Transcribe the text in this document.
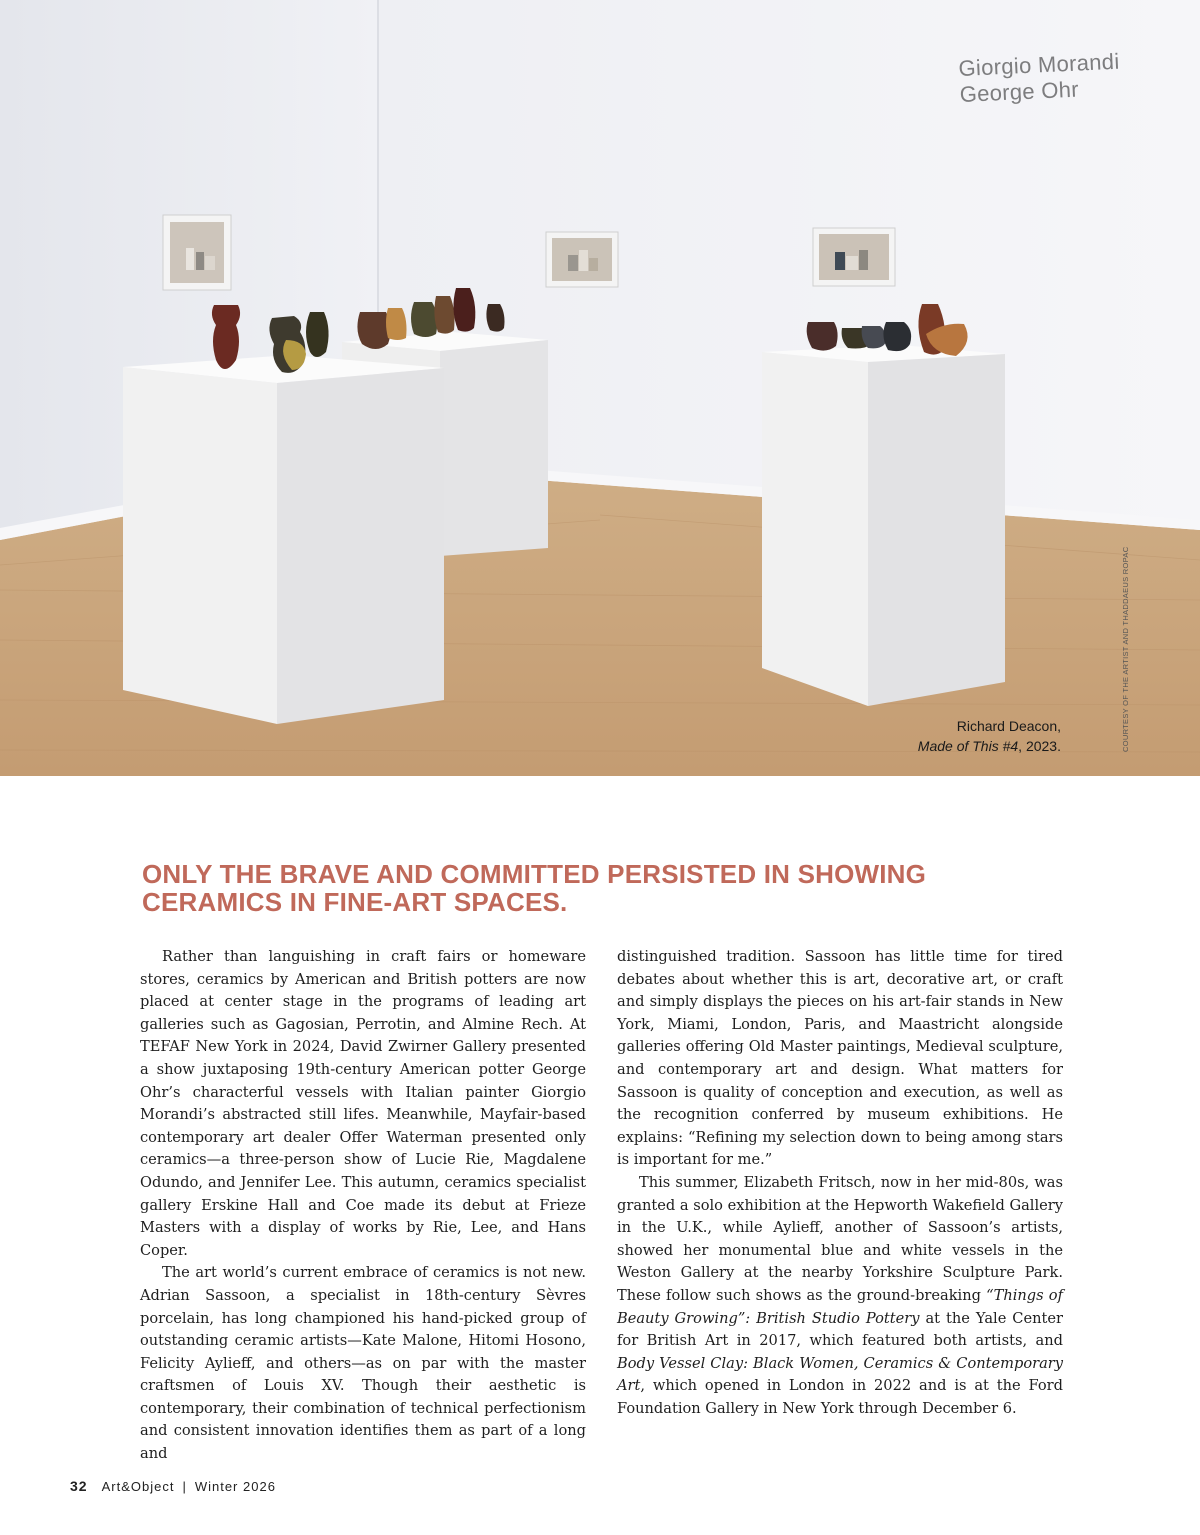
Giorgio Morandi
George Ohr
Richard Deacon,
Made of This #4, 2023.	COURTESY OF THE ARTIST AND THADDAEUS ROPAC
ONLY THE BRAVE AND COMMITTED PERSISTED IN SHOWING CERAMICS IN FINE-ART SPACES.

Rather than languishing in craft fairs or homeware stores, ceramics by American and British potters are now placed at center stage in the programs of leading art galleries such as Gagosian, Perrotin, and Almine Rech. At TEFAF New York in 2024, David Zwirner Gallery presented a show juxtaposing 19th-century American potter George Ohr’s characterful vessels with Italian painter Giorgio Morandi’s abstracted still lifes. Meanwhile, Mayfair-based contemporary art dealer Offer Waterman presented only ceramics—a three-person show of Lucie Rie, Magdalene Odundo, and Jennifer Lee. This autumn, ceramics specialist gallery Erskine Hall and Coe made its debut at Frieze Masters with a display of works by Rie, Lee, and Hans Coper.

The art world’s current embrace of ceramics is not new. Adrian Sassoon, a specialist in 18th-century Sèvres porcelain, has long championed his hand-picked group of outstanding ceramic artists—Kate Malone, Hitomi Hosono, Felicity Aylieff, and others—as on par with the master craftsmen of Louis XV. Though their aesthetic is contemporary, their combination of technical perfectionism and consistent innovation identifies them as part of a long and

distinguished tradition. Sassoon has little time for tired debates about whether this is art, decorative art, or craft and simply displays the pieces on his art-fair stands in New York, Miami, London, Paris, and Maastricht alongside galleries offering Old Master paintings, Medieval sculpture, and contemporary art and design. What matters for Sassoon is quality of conception and execution, as well as the recognition conferred by museum exhibitions. He explains: “Refining my selection down to being among stars is important for me.”

This summer, Elizabeth Fritsch, now in her mid-80s, was granted a solo exhibition at the Hepworth Wakefield Gallery in the U.K., while Aylieff, another of Sassoon’s artists, showed her monumental blue and white vessels in the Weston Gallery at the nearby Yorkshire Sculpture Park. These follow such shows as the ground-breaking “Things of Beauty Growing”: British Studio Pottery at the Yale Center for British Art in 2017, which featured both artists, and Body Vessel Clay: Black Women, Ceramics & Contemporary Art, which opened in London in 2022 and is at the Ford Foundation Gallery in New York through December 6.

32 Art&Object | Winter 2026
